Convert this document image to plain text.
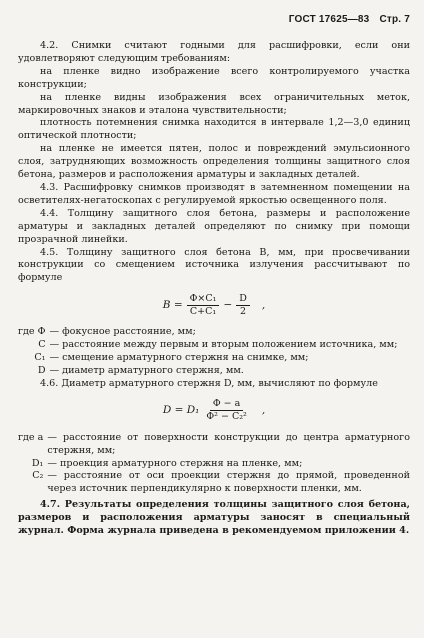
ГОСТ 17625—83 Стр. 7

4.2. Снимки считают годными для расшифровки, если они удовлетворяют следующим требованиям:

на пленке видно изображение всего контролируемого участка конструкции;

на пленке видны изображения всех ограничительных меток, маркировочных знаков и эталона чувствительности;

плотность потемнения снимка находится в интервале 1,2—3,0 единиц оптической плотности;

на пленке не имеется пятен, полос и повреждений эмульсионного слоя, затрудняющих возможность определения толщины защитного слоя бетона, размеров и расположения арматуры и закладных деталей.

4.3. Расшифровку снимков производят в затемненном помещении на осветителях-негатоскопах с регулируемой яркостью освещенного поля.

4.4. Толщину защитного слоя бетона, размеры и расположение арматуры и закладных деталей определяют по снимку при помощи прозрачной линейки.

4.5. Толщину защитного слоя бетона B, мм, при просвечивании конструкции со смещением источника излучения рассчитывают по формуле

$B = \frac{\text{Φ×C₁}}{\text{C+C₁}} - \frac{D}{2}$ ,
где Φ	— фокусное расстояние, мм;
C	— расстояние между первым и вторым положением источника, мм;
C₁	— смещение арматурного стержня на снимке, мм;
D	— диаметр арматурного стержня, мм.

4.6. Диаметр арматурного стержня D, мм, вычисляют по формуле

$D = D_1 \frac{\Phi - a}{\text{Φ² − C₂²}}$ ,
где a	— расстояние от поверхности конструкции до центра арматурного стержня, мм;
D₁	— проекция арматурного стержня на пленке, мм;
C₂	— расстояние от оси проекции стержня до прямой, проведенной через источник перпендикулярно к поверхности пленки, мм.

4.7. Результаты определения толщины защитного слоя бетона, размеров и расположения арматуры заносят в специальный журнал. Форма журнала приведена в рекомендуемом приложении 4.
